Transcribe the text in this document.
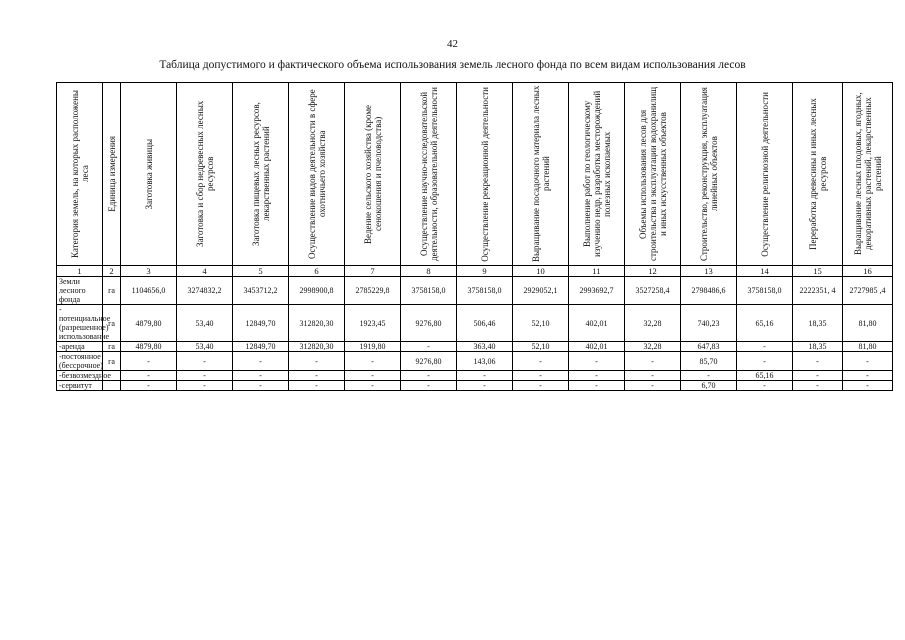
42
Таблица допустимого и фактического объема использования земель лесного фонда по всем видам использования лесов
Категория земель, на которых расположены леса	Единица измерения	Заготовка живицы	Заготовка и сбор недревесных лесных ресурсов	Заготовка пищевых лесных ресурсов, лекарственных растений	Осуществление видов деятельности в сфере охотничьего хозяйства	Ведение сельского хозяйства (кроме сенокошения и пчеловодства)	Осуществление научно-исследовательской деятельности, образовательной деятельности	Осуществление рекреационной деятельности	Выращивание посадочного материала лесных растений	Выполнение работ по геологическому изучению недр, разработка месторождений полезных ископаемых	Объемы использования лесов для строительства и эксплуатации водохранилищ и иных искусственных объектов	Строительство, реконструкция, эксплуатация линейных объектов	Осуществление религиозной деятельности	Переработка древесины и иных лесных ресурсов	Выращивание лесных плодовых, ягодных, декоративных растений, лекарственных растений

1	2	3	4	5	6	7	8	9	10	11	12	13	14	15	16
Земли лесного фонда	га	1104656,0	3274832,2	3453712,2	2998900,8	2785229,8	3758158,0	3758158,0	2929052,1	2993692,7	3527258,4	2798486,6	3758158,0	2222351, 4	2727985 ,4
- потенциальное (разрешенное) использование	га	4879,80	53,40	12849,70	312820,30	1923,45	9276,80	506,46	52,10	402,01	32,28	740,23	65,16	18,35	81,80
-аренда	га	4879,80	53,40	12849,70	312820,30	1919,80	-	363,40	52,10	402,01	32,28	647,83	-	18,35	81,80
-постоянное (бессрочное)	га	-	-	-	-	-	9276,80	143,06	-	-	-	85,70	-	-	-
-безвозмездное		-	-	-	-	-	-	-	-	-	-	-	65,16	-	-
-сервитут		-	-	-	-	-	-	-	-	-	-	6,70	-	-	-
